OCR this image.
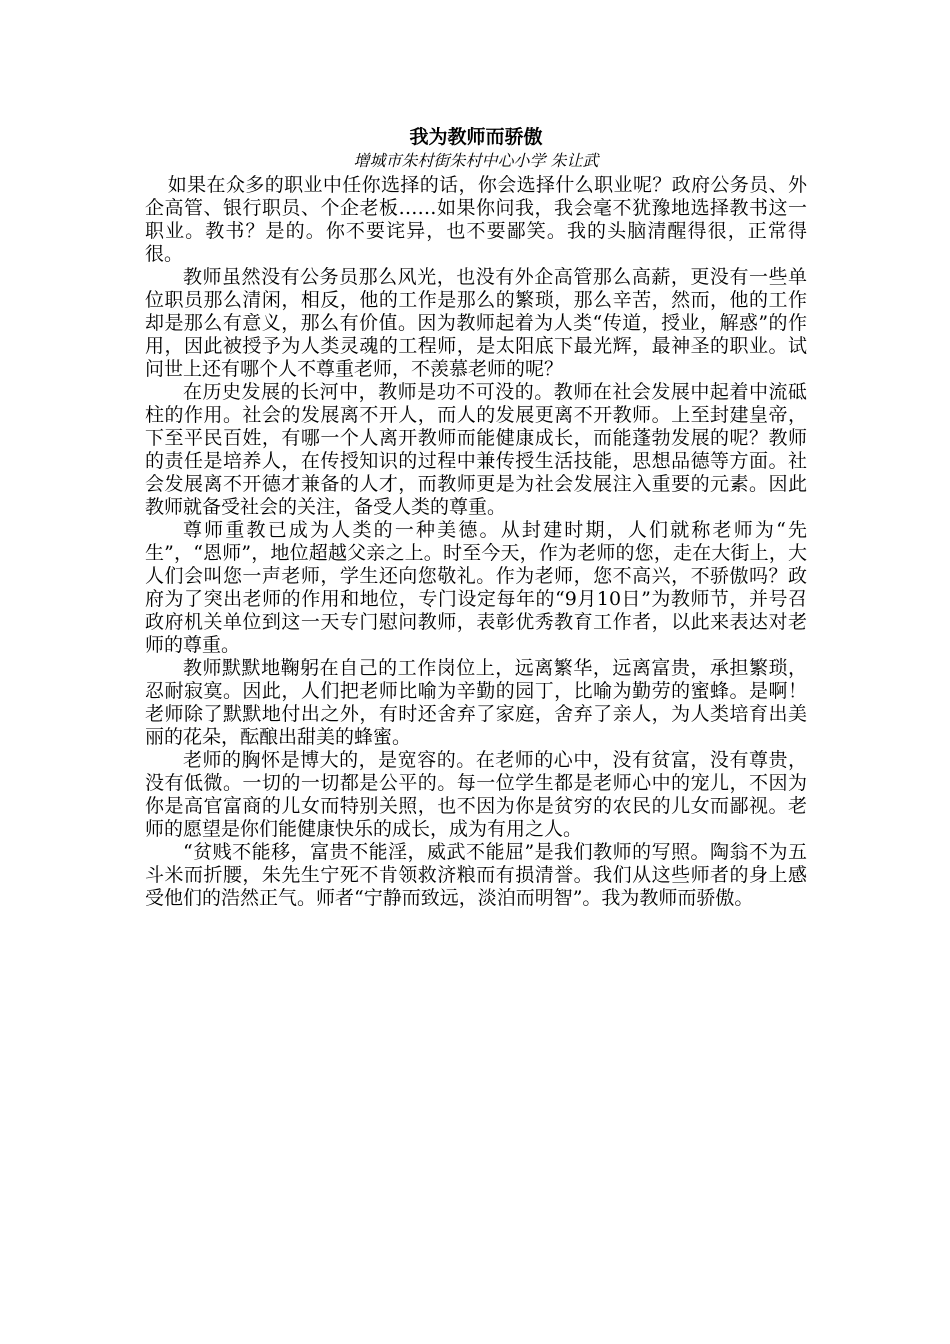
我为教师而骄傲
增城市朱村街朱村中心小学 朱让武

如果在众多的职业中任你选择的话，你会选择什么职业呢？政府公务员、外企高管、银行职员、个企老板……如果你问我，我会毫不犹豫地选择教书这一职业。教书？是的。你不要诧异，也不要鄙笑。我的头脑清醒得很，正常得很。

教师虽然没有公务员那么风光，也没有外企高管那么高薪，更没有一些单位职员那么清闲，相反，他的工作是那么的繁琐，那么辛苦，然而，他的工作却是那么有意义，那么有价值。因为教师起着为人类“传道，授业，解惑”的作用，因此被授予为人类灵魂的工程师，是太阳底下最光辉，最神圣的职业。试问世上还有哪个人不尊重老师，不羡慕老师的呢？

在历史发展的长河中，教师是功不可没的。教师在社会发展中起着中流砥柱的作用。社会的发展离不开人，而人的发展更离不开教师。上至封建皇帝，下至平民百姓，有哪一个人离开教师而能健康成长，而能蓬勃发展的呢？教师的责任是培养人，在传授知识的过程中兼传授生活技能，思想品德等方面。社会发展离不开德才兼备的人才，而教师更是为社会发展注入重要的元素。因此教师就备受社会的关注，备受人类的尊重。

尊师重教已成为人类的一种美德。从封建时期，人们就称老师为“先生”，“恩师”，地位超越父亲之上。时至今天，作为老师的您，走在大街上，大人们会叫您一声老师，学生还向您敬礼。作为老师，您不高兴，不骄傲吗？政府为了突出老师的作用和地位，专门设定每年的“9月10日”为教师节，并号召政府机关单位到这一天专门慰问教师，表彰优秀教育工作者，以此来表达对老师的尊重。

教师默默地鞠躬在自己的工作岗位上，远离繁华，远离富贵，承担繁琐，忍耐寂寞。因此，人们把老师比喻为辛勤的园丁，比喻为勤劳的蜜蜂。是啊！老师除了默默地付出之外，有时还舍弃了家庭，舍弃了亲人，为人类培育出美丽的花朵，酝酿出甜美的蜂蜜。

老师的胸怀是博大的，是宽容的。在老师的心中，没有贫富，没有尊贵，没有低微。一切的一切都是公平的。每一位学生都是老师心中的宠儿，不因为你是高官富商的儿女而特别关照，也不因为你是贫穷的农民的儿女而鄙视。老师的愿望是你们能健康快乐的成长，成为有用之人。

“贫贱不能移，富贵不能淫，威武不能屈”是我们教师的写照。陶翁不为五斗米而折腰，朱先生宁死不肯领救济粮而有损清誉。我们从这些师者的身上感受他们的浩然正气。师者“宁静而致远，淡泊而明智”。我为教师而骄傲。
